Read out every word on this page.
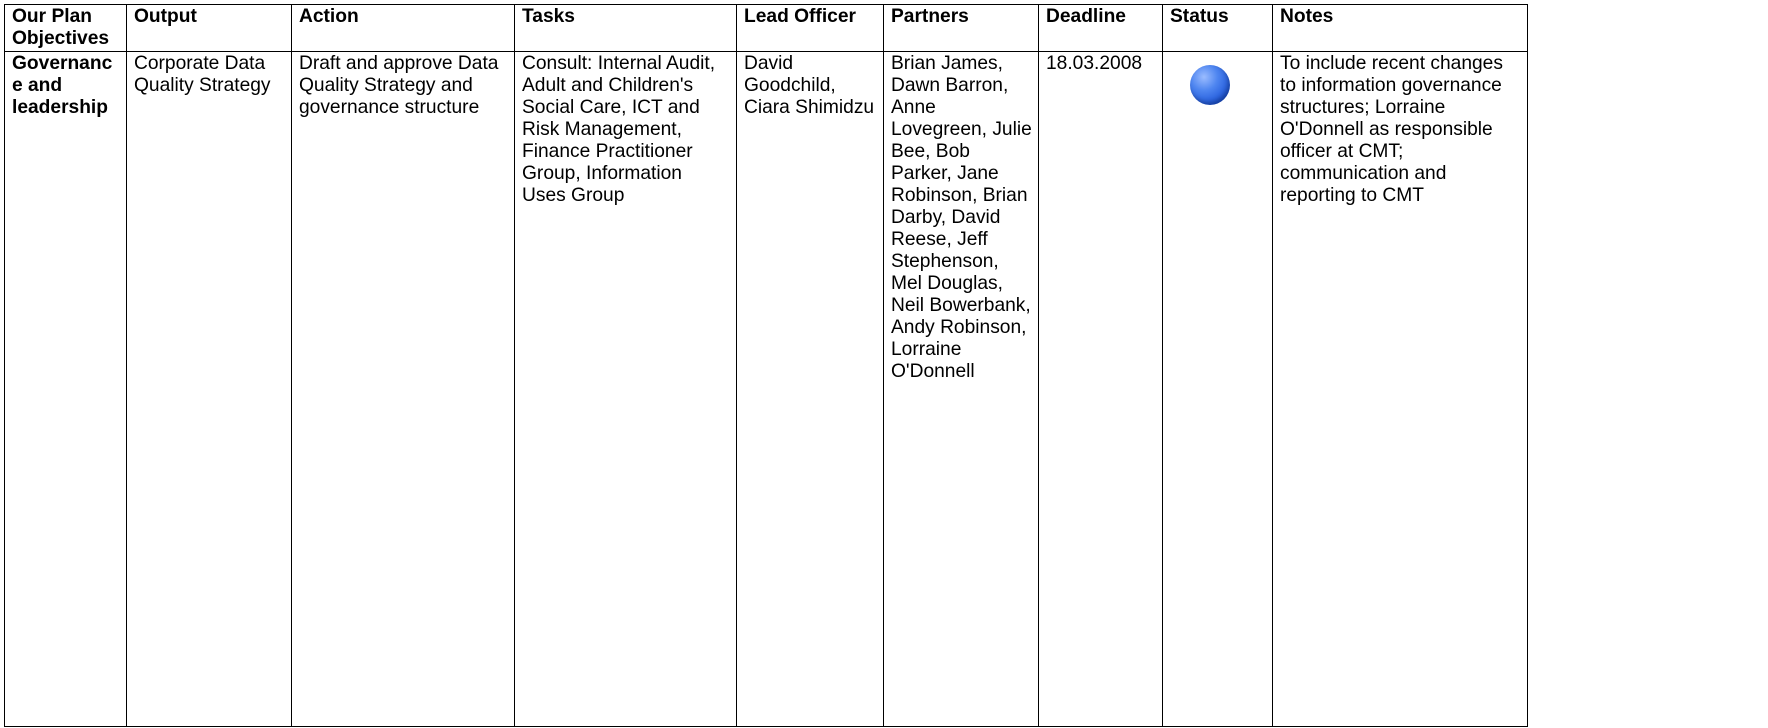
Our Plan Objectives	Output	Action	Tasks	Lead Officer	Partners	Deadline	Status	Notes

Governance and leadership	Corporate Data Quality Strategy	Draft and approve Data Quality Strategy and governance structure	Consult: Internal Audit, Adult and Children's Social Care, ICT and Risk Management, Finance Practitioner Group, Information Uses Group	David Goodchild, Ciara Shimidzu	Brian James, Dawn Barron, Anne Lovegreen, Julie Bee, Bob Parker, Jane Robinson, Brian Darby, David Reese, Jeff Stephenson, Mel Douglas, Neil Bowerbank, Andy Robinson, Lorraine O'Donnell	18.03.2008		To include recent changes to information governance structures; Lorraine O'Donnell as responsible officer at CMT; communication and reporting to CMT
